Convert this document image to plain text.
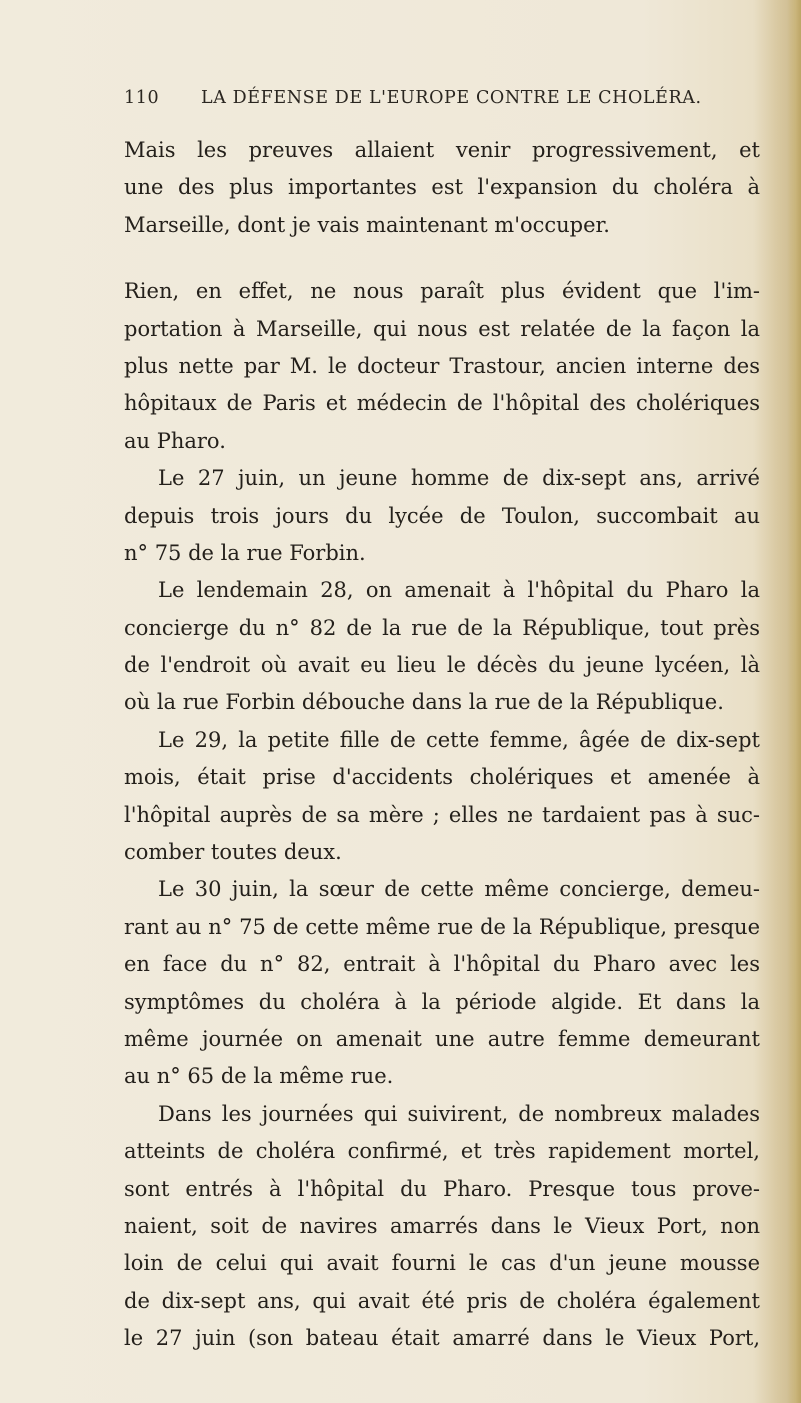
110 LA DÉFENSE DE L'EUROPE CONTRE LE CHOLÉRA.
Mais les preuves allaient venir progressivement, et
une des plus importantes est l'expansion du choléra à
Marseille, dont je vais maintenant m'occuper.
Rien, en effet, ne nous paraît plus évident que l'im-
portation à Marseille, qui nous est relatée de la façon la
plus nette par M. le docteur Trastour, ancien interne des
hôpitaux de Paris et médecin de l'hôpital des cholériques
au Pharo.
Le 27 juin, un jeune homme de dix-sept ans, arrivé
depuis trois jours du lycée de Toulon, succombait au
n° 75 de la rue Forbin.
Le lendemain 28, on amenait à l'hôpital du Pharo la
concierge du n° 82 de la rue de la République, tout près
de l'endroit où avait eu lieu le décès du jeune lycéen, là
où la rue Forbin débouche dans la rue de la République.
Le 29, la petite fille de cette femme, âgée de dix-sept
mois, était prise d'accidents cholériques et amenée à
l'hôpital auprès de sa mère ; elles ne tardaient pas à suc-
comber toutes deux.
Le 30 juin, la sœur de cette même concierge, demeu-
rant au n° 75 de cette même rue de la République, presque
en face du n° 82, entrait à l'hôpital du Pharo avec les
symptômes du choléra à la période algide. Et dans la
même journée on amenait une autre femme demeurant
au n° 65 de la même rue.
Dans les journées qui suivirent, de nombreux malades
atteints de choléra confirmé, et très rapidement mortel,
sont entrés à l'hôpital du Pharo. Presque tous prove-
naient, soit de navires amarrés dans le Vieux Port, non
loin de celui qui avait fourni le cas d'un jeune mousse
de dix-sept ans, qui avait été pris de choléra également
le 27 juin (son bateau était amarré dans le Vieux Port,
